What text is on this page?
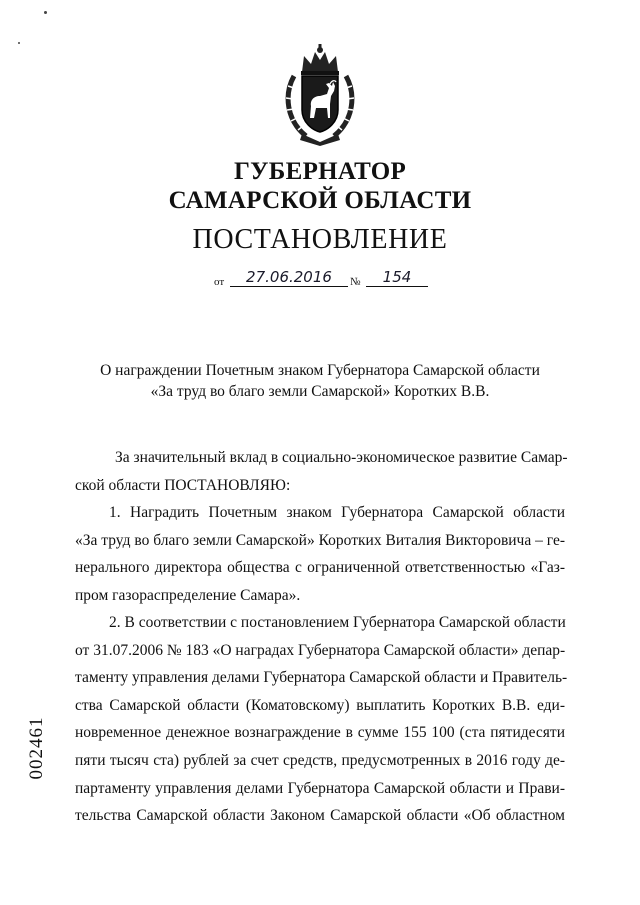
ГУБЕРНАТОР
САМАРСКОЙ ОБЛАСТИ
ПОСТАНОВЛЕНИЕ
от	27.06.2016	№	154
О награждении Почетным знаком Губернатора Самарской области
«За труд во благо земли Самарской» Коротких В.В.
За значительный вклад в социально-экономическое развитие Самар-
ской области ПОСТАНОВЛЯЮ:
1. Наградить Почетным знаком Губернатора Самарской области
«За труд во благо земли Самарской» Коротких Виталия Викторовича – ге-
нерального директора общества с ограниченной ответственностью «Газ-
пром газораспределение Самара».
2. В соответствии с постановлением Губернатора Самарской области
от 31.07.2006 № 183 «О наградах Губернатора Самарской области» депар-
таменту управления делами Губернатора Самарской области и Правитель-
ства Самарской области (Коматовскому) выплатить Коротких В.В. еди-
новременное денежное вознаграждение в сумме 155 100 (ста пятидесяти
пяти тысяч ста) рублей за счет средств, предусмотренных в 2016 году де-
партаменту управления делами Губернатора Самарской области и Прави-
тельства Самарской области Законом Самарской области «Об областном
002461
